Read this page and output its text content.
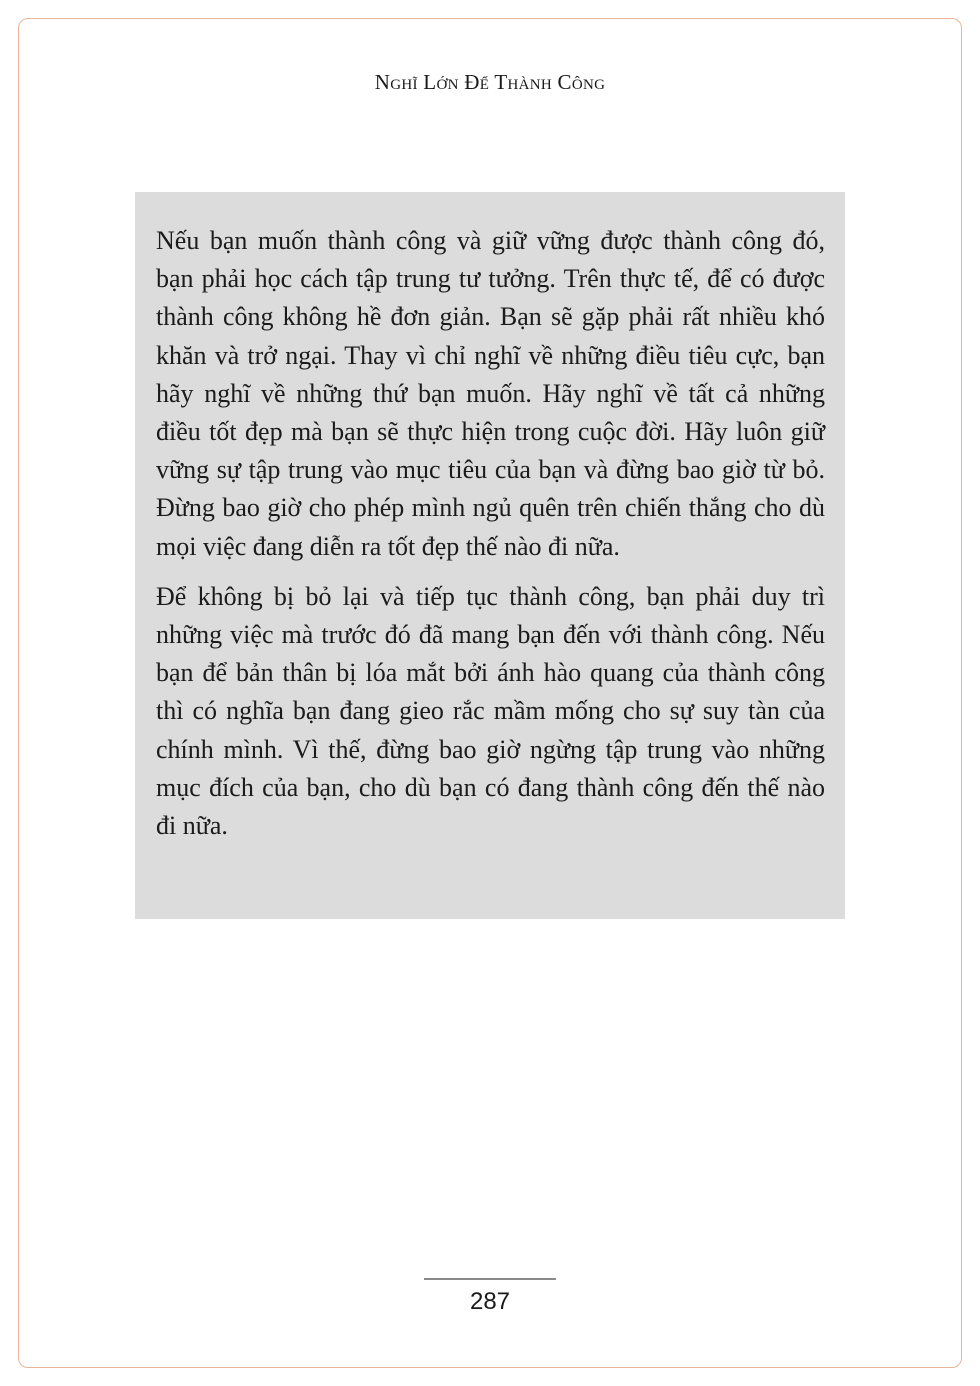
Nghĩ Lớn Để Thành Công

Nếu bạn muốn thành công và giữ vững được thành công đó, bạn phải học cách tập trung tư tưởng. Trên thực tế, để có được thành công không hề đơn giản. Bạn sẽ gặp phải rất nhiều khó khăn và trở ngại. Thay vì chỉ nghĩ về những điều tiêu cực, bạn hãy nghĩ về những thứ bạn muốn. Hãy nghĩ về tất cả những điều tốt đẹp mà bạn sẽ thực hiện trong cuộc đời. Hãy luôn giữ vững sự tập trung vào mục tiêu của bạn và đừng bao giờ từ bỏ. Đừng bao giờ cho phép mình ngủ quên trên chiến thắng cho dù mọi việc đang diễn ra tốt đẹp thế nào đi nữa.

Để không bị bỏ lại và tiếp tục thành công, bạn phải duy trì những việc mà trước đó đã mang bạn đến với thành công. Nếu bạn để bản thân bị lóa mắt bởi ánh hào quang của thành công thì có nghĩa bạn đang gieo rắc mầm mống cho sự suy tàn của chính mình. Vì thế, đừng bao giờ ngừng tập trung vào những mục đích của bạn, cho dù bạn có đang thành công đến thế nào đi nữa.

287
